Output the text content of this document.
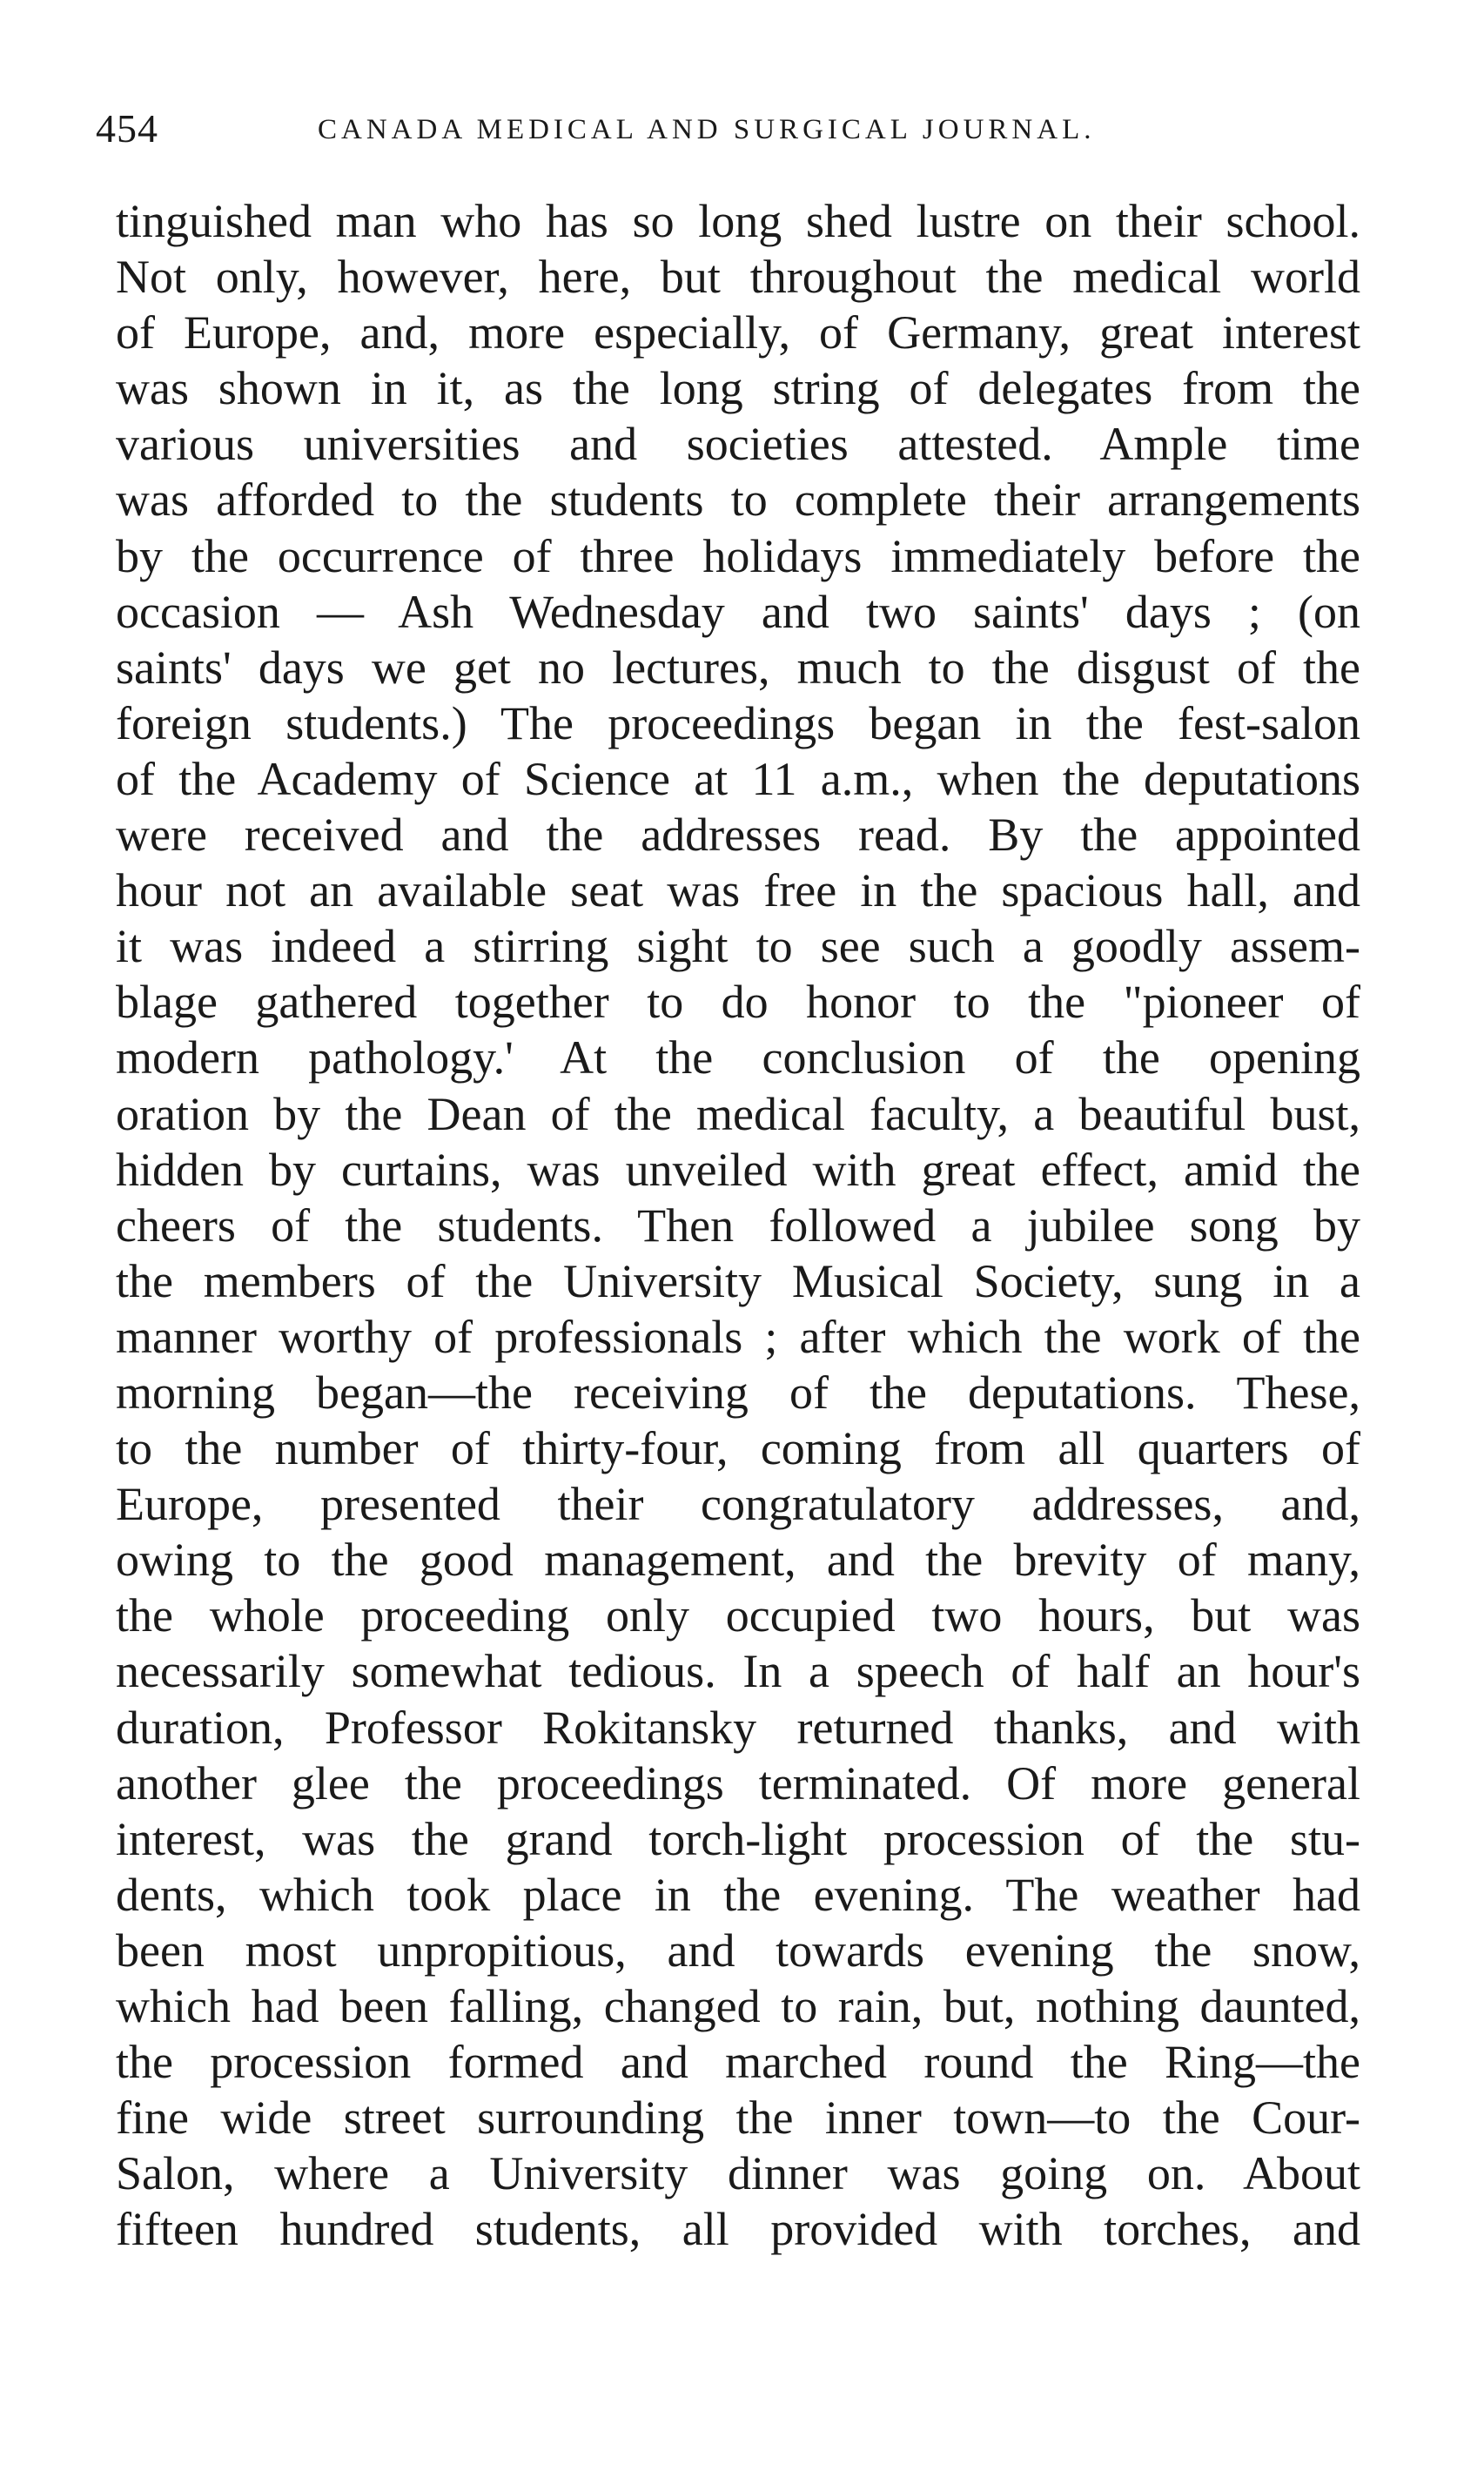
454	CANADA MEDICAL AND SURGICAL JOURNAL.
tinguished man who has so long shed lustre on their school.
Not only, however, here, but throughout the medical world
of Europe, and, more especially, of Germany, great interest
was shown in it, as the long string of delegates from the
various universities and societies attested. Ample time
was afforded to the students to complete their arrangements
by the occurrence of three holidays immediately before the
occasion — Ash Wednesday and two saints' days ; (on
saints' days we get no lectures, much to the disgust of the
foreign students.) The proceedings began in the fest-salon
of the Academy of Science at 11 a.m., when the deputations
were received and the addresses read. By the appointed
hour not an available seat was free in the spacious hall, and
it was indeed a stirring sight to see such a goodly assem-
blage gathered together to do honor to the "pioneer of
modern pathology.' At the conclusion of the opening
oration by the Dean of the medical faculty, a beautiful bust,
hidden by curtains, was unveiled with great effect, amid the
cheers of the students. Then followed a jubilee song by
the members of the University Musical Society, sung in a
manner worthy of professionals ; after which the work of the
morning began—the receiving of the deputations. These,
to the number of thirty-four, coming from all quarters of
Europe, presented their congratulatory addresses, and,
owing to the good management, and the brevity of many,
the whole proceeding only occupied two hours, but was
necessarily somewhat tedious. In a speech of half an hour's
duration, Professor Rokitansky returned thanks, and with
another glee the proceedings terminated. Of more general
interest, was the grand torch-light procession of the stu-
dents, which took place in the evening. The weather had
been most unpropitious, and towards evening the snow,
which had been falling, changed to rain, but, nothing daunted,
the procession formed and marched round the Ring—the
fine wide street surrounding the inner town—to the Cour-
Salon, where a University dinner was going on. About
fifteen hundred students, all provided with torches, and
